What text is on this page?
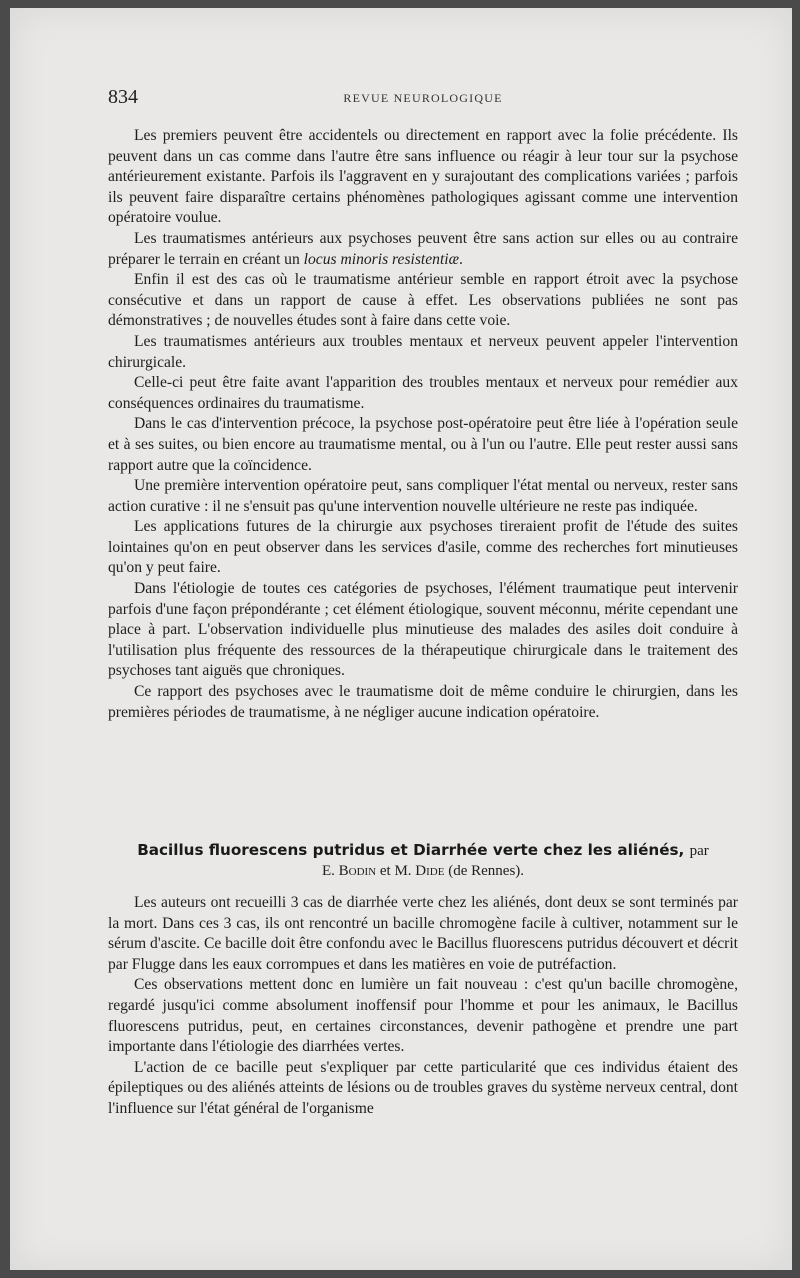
834	REVUE NEUROLOGIQUE

Les premiers peuvent être accidentels ou directement en rapport avec la folie précédente. Ils peuvent dans un cas comme dans l'autre être sans influence ou réagir à leur tour sur la psychose antérieurement existante. Parfois ils l'aggravent en y surajoutant des complications variées ; parfois ils peuvent faire disparaître certains phénomènes pathologiques agissant comme une intervention opératoire voulue.

Les traumatismes antérieurs aux psychoses peuvent être sans action sur elles ou au contraire préparer le terrain en créant un locus minoris resistentiæ.

Enfin il est des cas où le traumatisme antérieur semble en rapport étroit avec la psychose consécutive et dans un rapport de cause à effet. Les observations publiées ne sont pas démonstratives ; de nouvelles études sont à faire dans cette voie.

Les traumatismes antérieurs aux troubles mentaux et nerveux peuvent appeler l'intervention chirurgicale.

Celle-ci peut être faite avant l'apparition des troubles mentaux et nerveux pour remédier aux conséquences ordinaires du traumatisme.

Dans le cas d'intervention précoce, la psychose post-opératoire peut être liée à l'opération seule et à ses suites, ou bien encore au traumatisme mental, ou à l'un ou l'autre. Elle peut rester aussi sans rapport autre que la coïncidence.

Une première intervention opératoire peut, sans compliquer l'état mental ou nerveux, rester sans action curative : il ne s'ensuit pas qu'une intervention nouvelle ultérieure ne reste pas indiquée.

Les applications futures de la chirurgie aux psychoses tireraient profit de l'étude des suites lointaines qu'on en peut observer dans les services d'asile, comme des recherches fort minutieuses qu'on y peut faire.

Dans l'étiologie de toutes ces catégories de psychoses, l'élément traumatique peut intervenir parfois d'une façon prépondérante ; cet élément étiologique, souvent méconnu, mérite cependant une place à part. L'observation individuelle plus minutieuse des malades des asiles doit conduire à l'utilisation plus fréquente des ressources de la thérapeutique chirurgicale dans le traitement des psychoses tant aiguës que chroniques.

Ce rapport des psychoses avec le traumatisme doit de même conduire le chirurgien, dans les premières périodes de traumatisme, à ne négliger aucune indication opératoire.

Bacillus fluorescens putridus et Diarrhée verte chez les aliénés, par

E. Bodin et M. Dide (de Rennes).

Les auteurs ont recueilli 3 cas de diarrhée verte chez les aliénés, dont deux se sont terminés par la mort. Dans ces 3 cas, ils ont rencontré un bacille chromogène facile à cultiver, notamment sur le sérum d'ascite. Ce bacille doit être confondu avec le Bacillus fluorescens putridus découvert et décrit par Flugge dans les eaux corrompues et dans les matières en voie de putréfaction.

Ces observations mettent donc en lumière un fait nouveau : c'est qu'un bacille chromogène, regardé jusqu'ici comme absolument inoffensif pour l'homme et pour les animaux, le Bacillus fluorescens putridus, peut, en certaines circonstances, devenir pathogène et prendre une part importante dans l'étiologie des diarrhées vertes.

L'action de ce bacille peut s'expliquer par cette particularité que ces individus étaient des épileptiques ou des aliénés atteints de lésions ou de troubles graves du système nerveux central, dont l'influence sur l'état général de l'organisme
